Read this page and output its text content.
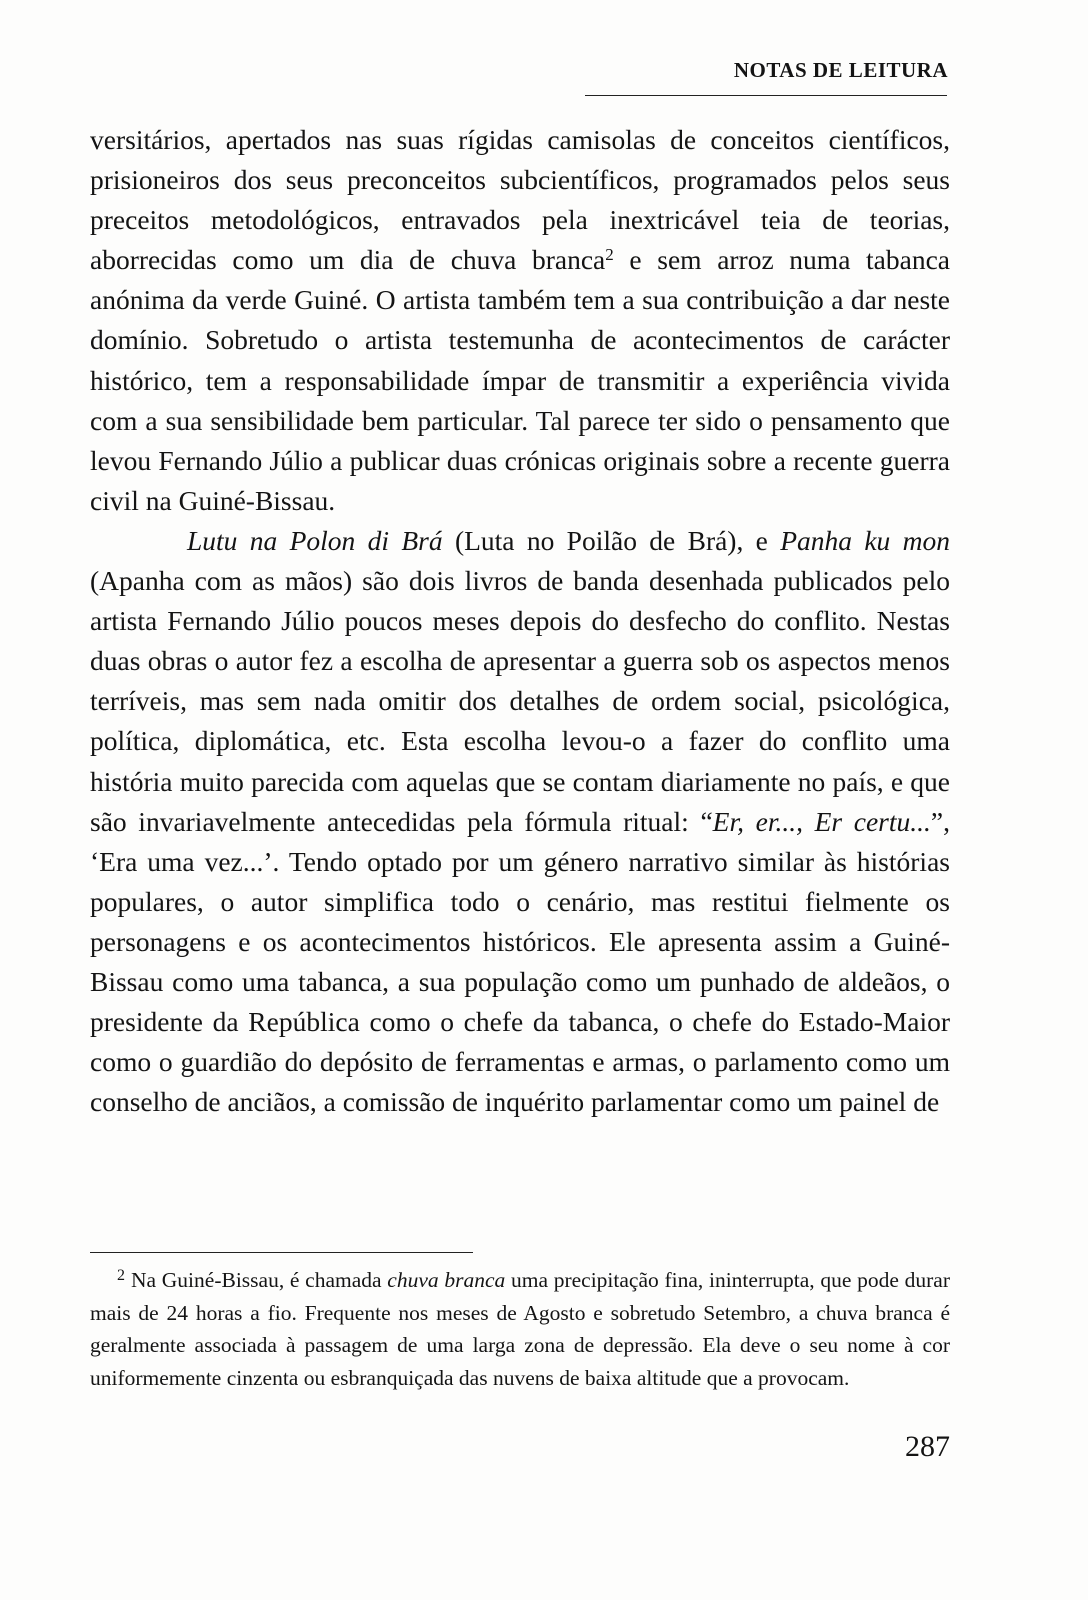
NOTAS DE LEITURA

versitários, apertados nas suas rígidas camisolas de conceitos científicos, prisioneiros dos seus preconceitos subcientíficos, programados pelos seus preceitos metodológicos, entravados pela inextricável teia de teorias, aborrecidas como um dia de chuva branca$^2$ e sem arroz numa tabanca anónima da verde Guiné. O artista também tem a sua contribuição a dar neste domínio. Sobretudo o artista testemunha de acontecimentos de carácter histórico, tem a responsabilidade ímpar de transmitir a experiência vivida com a sua sensibilidade bem particular. Tal parece ter sido o pensamento que levou Fernando Júlio a publicar duas crónicas originais sobre a recente guerra civil na Guiné-Bissau.

Lutu na Polon di Brá (Luta no Poilão de Brá), e Panha ku mon (Apanha com as mãos) são dois livros de banda desenhada publicados pelo artista Fernando Júlio poucos meses depois do desfecho do conflito. Nestas duas obras o autor fez a escolha de apresentar a guerra sob os aspectos menos terríveis, mas sem nada omitir dos detalhes de ordem social, psicológica, política, diplomática, etc. Esta escolha levou-o a fazer do conflito uma história muito parecida com aquelas que se contam diariamente no país, e que são invariavelmente antecedidas pela fórmula ritual: “Er, er..., Er certu...”, ‘Era uma vez...’. Tendo optado por um género narrativo similar às histórias populares, o autor simplifica todo o cenário, mas restitui fielmente os personagens e os acontecimentos históricos. Ele apresenta assim a Guiné-Bissau como uma tabanca, a sua população como um punhado de aldeãos, o presidente da República como o chefe da tabanca, o chefe do Estado-Maior como o guardião do depósito de ferramentas e armas, o parlamento como um conselho de anciãos, a comissão de inquérito parlamentar como um painel de

$^2$ Na Guiné-Bissau, é chamada chuva branca uma precipitação fina, ininterrupta, que pode durar mais de 24 horas a fio. Frequente nos meses de Agosto e sobretudo Setembro, a chuva branca é geralmente associada à passagem de uma larga zona de depressão. Ela deve o seu nome à cor uniformemente cinzenta ou esbranquiçada das nuvens de baixa altitude que a provocam.
287
